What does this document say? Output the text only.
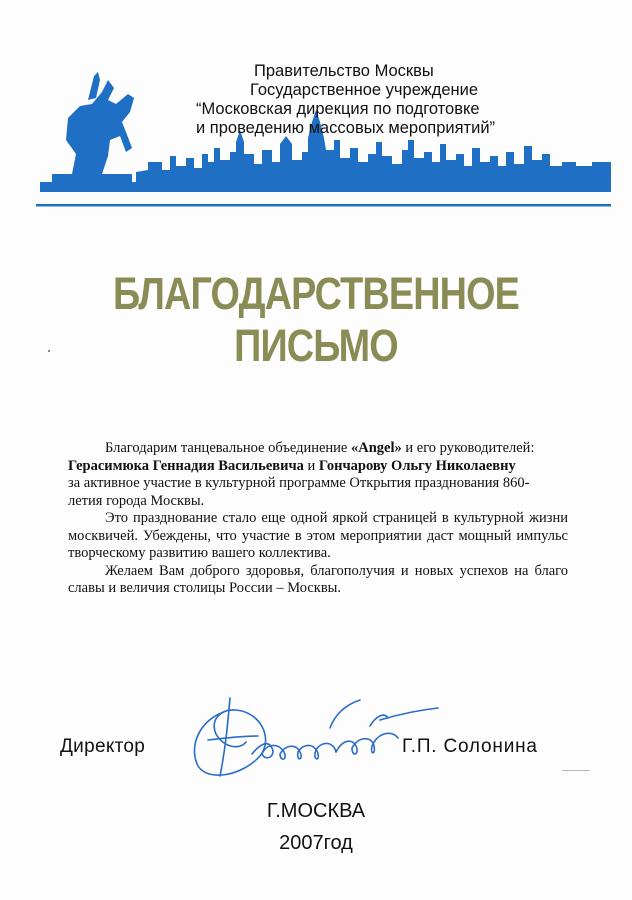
Правительство Москвы
Государственное учреждение
“Московская дирекция по подготовке
и проведению массовых мероприятий”
БЛАГОДАРСТВЕННОЕ ПИСЬМО

Благодарим танцевальное объединение «Angel» и его руководителей:

Герасимюка Геннадия Васильевича и Гончарову Ольгу Николаевну

за активное участие в культурной программе Открытия празднования 860-летия города Москвы.

Это празднование стало еще одной яркой страницей в культурной жизни москвичей. Убеждены, что участие в этом мероприятии даст мощный импульс творческому развитию вашего коллектива.

Желаем Вам доброго здоровья, благополучия и новых успехов на благо славы и величия столицы России – Москвы.

Директор	Г.П. Солонина
Г.МОСКВА
2007год
